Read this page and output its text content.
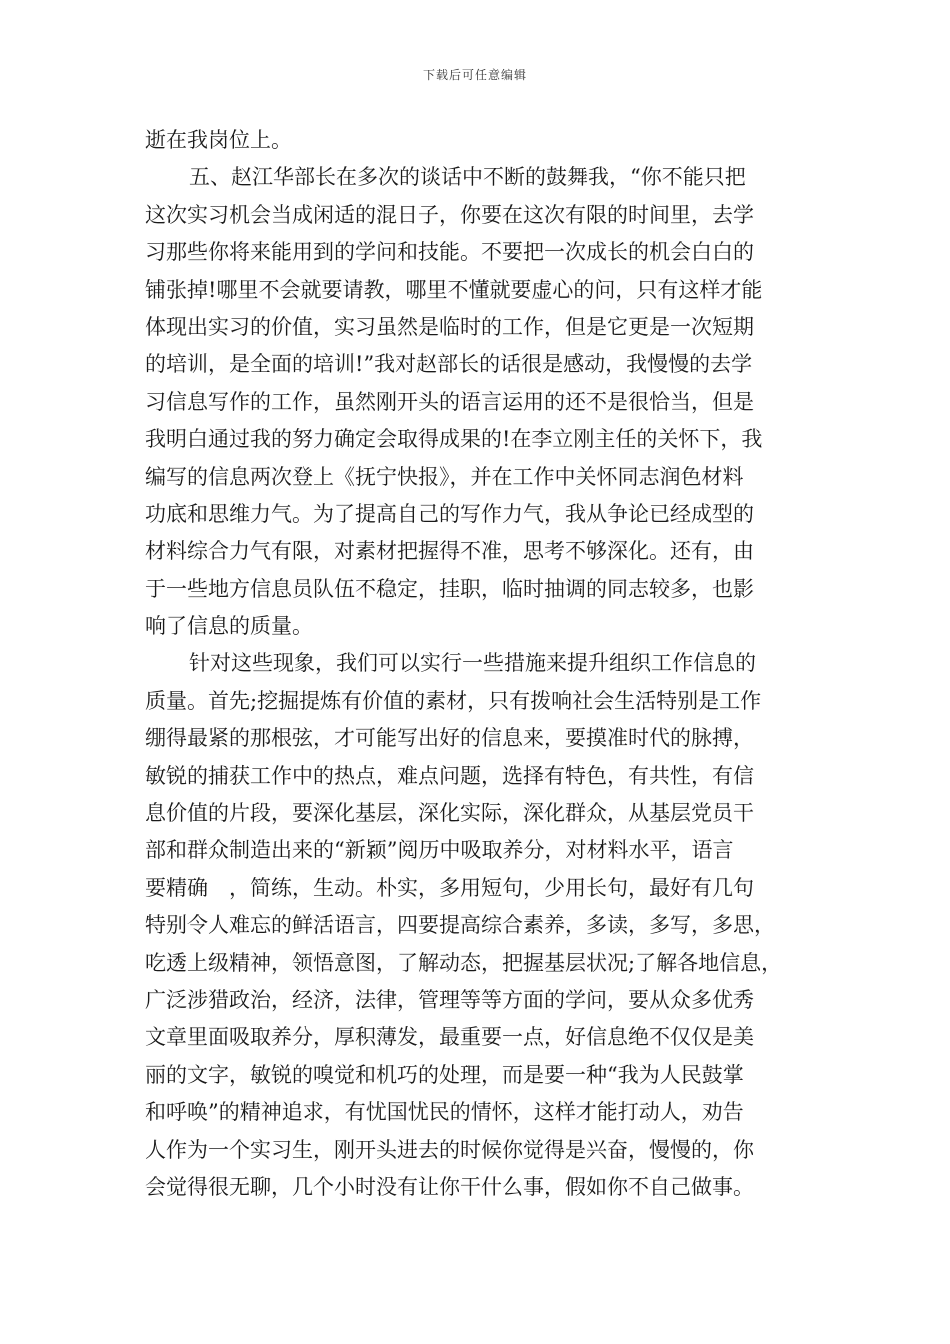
下载后可任意编辑
逝在我岗位上。
五、赵江华部长在多次的谈话中不断的鼓舞我，“你不能只把
这次实习机会当成闲适的混日子，你要在这次有限的时间里，去学
习那些你将来能用到的学问和技能。不要把一次成长的机会白白的
铺张掉!哪里不会就要请教，哪里不懂就要虚心的问，只有这样才能
体现出实习的价值，实习虽然是临时的工作，但是它更是一次短期
的培训，是全面的培训!”我对赵部长的话很是感动，我慢慢的去学
习信息写作的工作，虽然刚开头的语言运用的还不是很恰当，但是
我明白通过我的努力确定会取得成果的!在李立刚主任的关怀下，我
编写的信息两次登上《抚宁快报》，并在工作中关怀同志润色材料
功底和思维力气。为了提高自己的写作力气，我从争论已经成型的
材料综合力气有限，对素材把握得不准，思考不够深化。还有，由
于一些地方信息员队伍不稳定，挂职，临时抽调的同志较多，也影
响了信息的质量。
针对这些现象，我们可以实行一些措施来提升组织工作信息的
质量。首先;挖掘提炼有价值的素材，只有拨响社会生活特别是工作
绷得最紧的那根弦，才可能写出好的信息来，要摸准时代的脉搏，
敏锐的捕获工作中的热点，难点问题，选择有特色，有共性，有信
息价值的片段，要深化基层，深化实际，深化群众，从基层党员干
部和群众制造出来的“新颖”阅历中吸取养分，对材料水平，语言
要精确　，简练，生动。朴实，多用短句，少用长句，最好有几句
特别令人难忘的鲜活语言，四要提高综合素养，多读，多写，多思，
吃透上级精神，领悟意图，了解动态，把握基层状况;了解各地信息，
广泛涉猎政治，经济，法律，管理等等方面的学问，要从众多优秀
文章里面吸取养分，厚积薄发，最重要一点，好信息绝不仅仅是美
丽的文字，敏锐的嗅觉和机巧的处理，而是要一种“我为人民鼓掌
和呼唤”的精神追求，有忧国忧民的情怀，这样才能打动人，劝告
人作为一个实习生，刚开头进去的时候你觉得是兴奋，慢慢的，你
会觉得很无聊，几个小时没有让你干什么事，假如你不自己做事。
